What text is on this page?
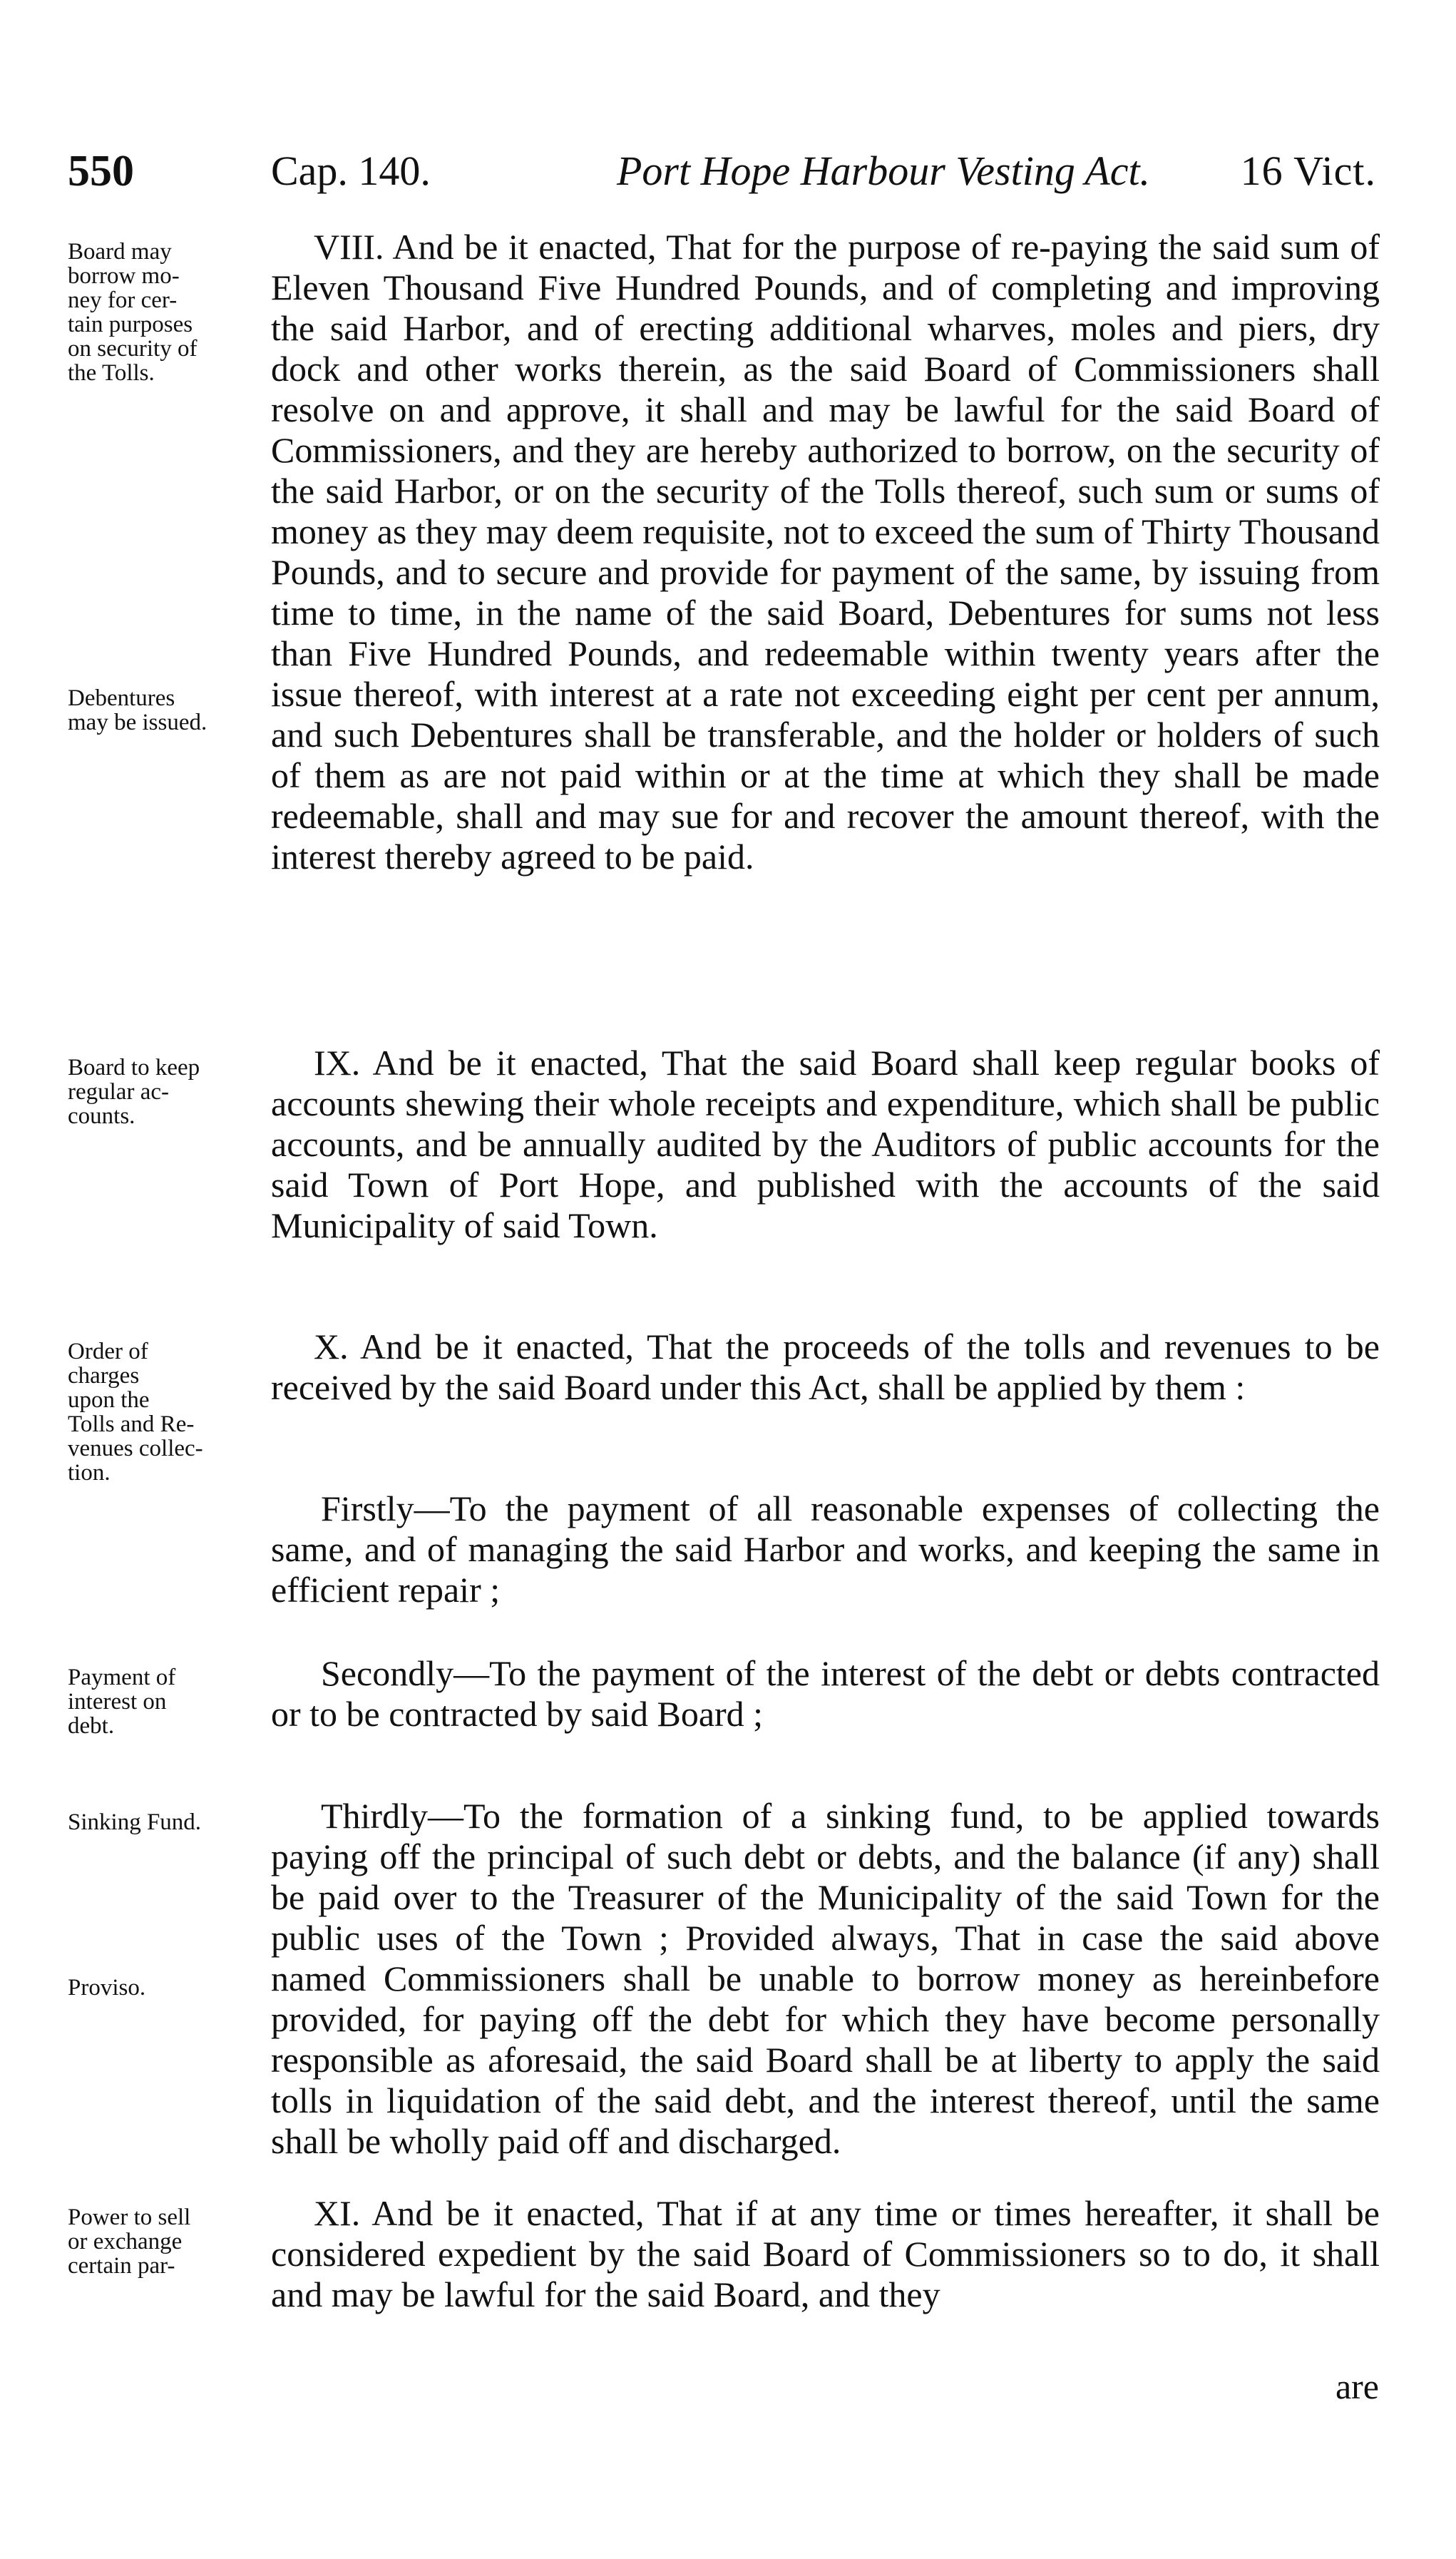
550	Cap. 140.	Port Hope Harbour Vesting Act. 16 Vict.
Board may
borrow mo-
ney for cer-
tain purposes
on security of
the Tolls.
Debentures
may be issued.
Board to keep
regular ac-
counts.
Order of
charges
upon the
Tolls and Re-
venues collec-
tion.
Payment of
interest on
debt.
Sinking Fund.
Proviso.
Power to sell
or exchange
certain par-
VIII. And be it enacted, That for the purpose of re-paying the said sum of Eleven Thousand Five Hundred Pounds, and of completing and improving the said Harbor, and of erecting additional wharves, moles and piers, dry dock and other works therein, as the said Board of Commissioners shall resolve on and approve, it shall and may be lawful for the said Board of Commissioners, and they are hereby authorized to borrow, on the security of the said Harbor, or on the security of the Tolls thereof, such sum or sums of money as they may deem requisite, not to exceed the sum of Thirty Thousand Pounds, and to secure and provide for payment of the same, by issuing from time to time, in the name of the said Board, Debentures for sums not less than Five Hundred Pounds, and redeemable within twenty years after the issue thereof, with interest at a rate not exceeding eight per cent per annum, and such Debentures shall be transferable, and the holder or holders of such of them as are not paid within or at the time at which they shall be made redeemable, shall and may sue for and recover the amount thereof, with the interest thereby agreed to be paid.
IX. And be it enacted, That the said Board shall keep regular books of accounts shewing their whole receipts and expenditure, which shall be public accounts, and be annually audited by the Auditors of public accounts for the said Town of Port Hope, and published with the accounts of the said Municipality of said Town.
X. And be it enacted, That the proceeds of the tolls and revenues to be received by the said Board under this Act, shall be applied by them :
Firstly—To the payment of all reasonable expenses of collecting the same, and of managing the said Harbor and works, and keeping the same in efficient repair ;
Secondly—To the payment of the interest of the debt or debts contracted or to be contracted by said Board ;
Thirdly—To the formation of a sinking fund, to be applied towards paying off the principal of such debt or debts, and the balance (if any) shall be paid over to the Treasurer of the Municipality of the said Town for the public uses of the Town ; Provided always, That in case the said above named Commissioners shall be unable to borrow money as hereinbefore provided, for paying off the debt for which they have become personally responsible as aforesaid, the said Board shall be at liberty to apply the said tolls in liquidation of the said debt, and the interest thereof, until the same shall be wholly paid off and discharged.
XI. And be it enacted, That if at any time or times hereafter, it shall be considered expedient by the said Board of Commissioners so to do, it shall and may be lawful for the said Board, and they
are
